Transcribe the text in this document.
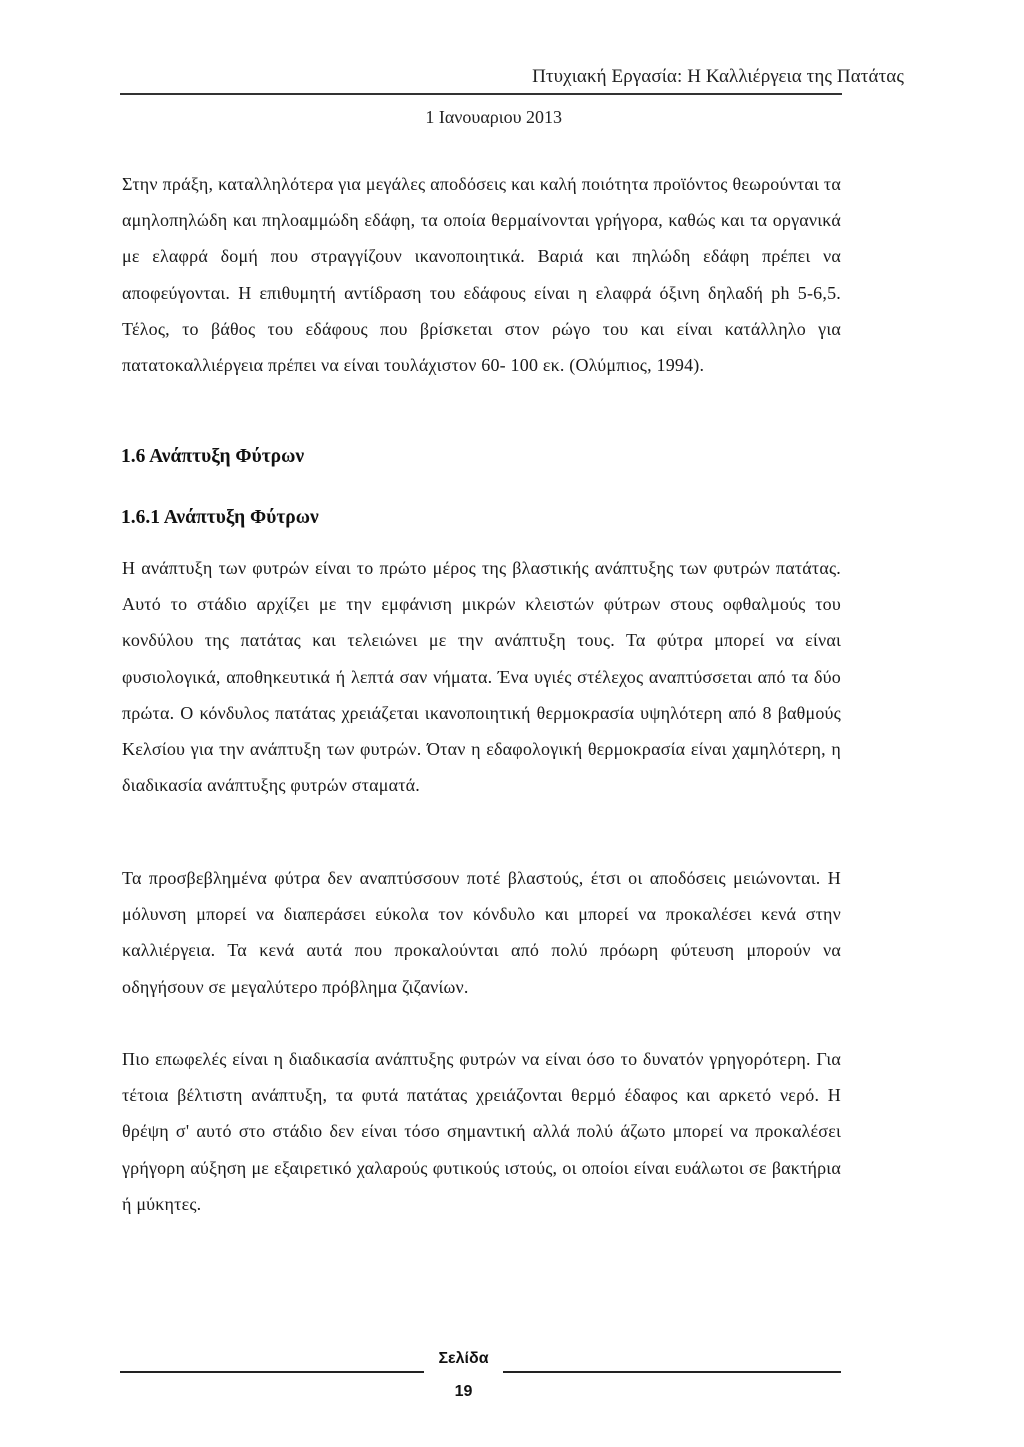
Πτυχιακή Εργασία: Η Καλλιέργεια της Πατάτας
1 Ιανουαριου 2013

Στην πράξη, καταλληλότερα για μεγάλες αποδόσεις και καλή ποιότητα προϊόντος θεωρούνται τα αμηλοπηλώδη και πηλοαμμώδη εδάφη, τα οποία θερμαίνονται γρήγορα, καθώς και τα οργανικά με ελαφρά δομή που στραγγίζουν ικανοποιητικά. Βαριά και πηλώδη εδάφη πρέπει να αποφεύγονται. Η επιθυμητή αντίδραση του εδάφους είναι η ελαφρά όξινη δηλαδή ph 5-6,5. Τέλος, το βάθος του εδάφους που βρίσκεται στον ρώγο του και είναι κατάλληλο για πατατοκαλλιέργεια πρέπει να είναι τουλάχιστον 60- 100 εκ. (Ολύμπιος, 1994).

1.6 Ανάπτυξη Φύτρων
1.6.1 Ανάπτυξη Φύτρων

Η ανάπτυξη των φυτρών είναι το πρώτο μέρος της βλαστικής ανάπτυξης των φυτρών πατάτας. Αυτό το στάδιο αρχίζει με την εμφάνιση μικρών κλειστών φύτρων στους οφθαλμούς του κονδύλου της πατάτας και τελειώνει με την ανάπτυξη τους. Τα φύτρα μπορεί να είναι φυσιολογικά, αποθηκευτικά ή λεπτά σαν νήματα. Ένα υγιές στέλεχος αναπτύσσεται από τα δύο πρώτα. Ο κόνδυλος πατάτας χρειάζεται ικανοποιητική θερμοκρασία υψηλότερη από 8 βαθμούς Κελσίου για την ανάπτυξη των φυτρών. Όταν η εδαφολογική θερμοκρασία είναι χαμηλότερη, η διαδικασία ανάπτυξης φυτρών σταματά.

Τα προσβεβλημένα φύτρα δεν αναπτύσσουν ποτέ βλαστούς, έτσι οι αποδόσεις μειώνονται. Η μόλυνση μπορεί να διαπεράσει εύκολα τον κόνδυλο και μπορεί να προκαλέσει κενά στην καλλιέργεια. Τα κενά αυτά που προκαλούνται από πολύ πρόωρη φύτευση μπορούν να οδηγήσουν σε μεγαλύτερο πρόβλημα ζιζανίων.

Πιο επωφελές είναι η διαδικασία ανάπτυξης φυτρών να είναι όσο το δυνατόν γρηγορότερη. Για τέτοια βέλτιστη ανάπτυξη, τα φυτά πατάτας χρειάζονται θερμό έδαφος και αρκετό νερό. Η θρέψη σ' αυτό στο στάδιο δεν είναι τόσο σημαντική αλλά πολύ άζωτο μπορεί να προκαλέσει γρήγορη αύξηση με εξαιρετικό χαλαρούς φυτικούς ιστούς, οι οποίοι είναι ευάλωτοι σε βακτήρια ή μύκητες.

Σελίδα
19
